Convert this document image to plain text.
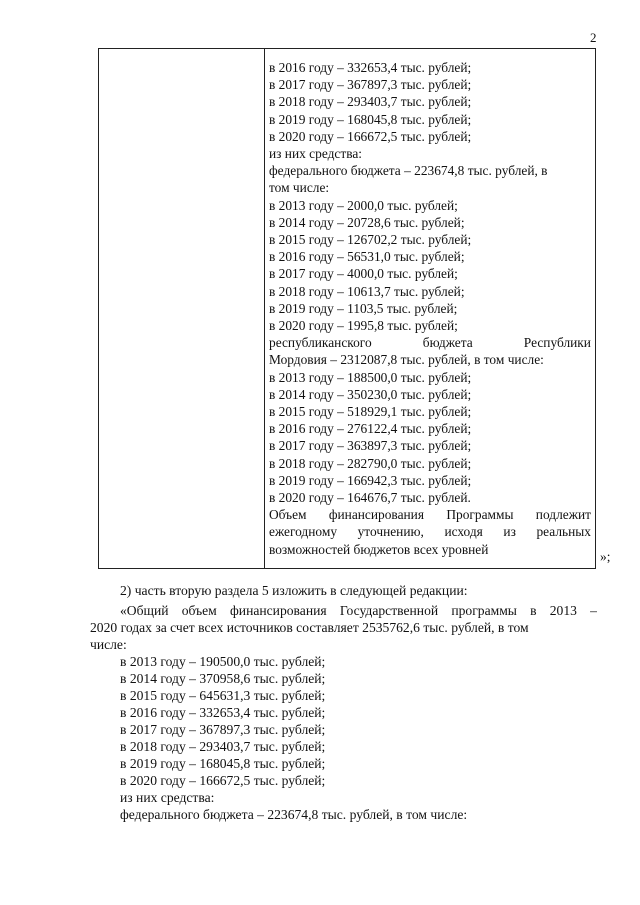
2
в 2016 году – 332653,4 тыс. рублей;
в 2017 году – 367897,3 тыс. рублей;
в 2018 году – 293403,7 тыс. рублей;
в 2019 году – 168045,8 тыс. рублей;
в 2020 году – 166672,5 тыс. рублей;
из них средства:
федерального бюджета – 223674,8 тыс. рублей, в
том числе:
в 2013 году – 2000,0 тыс. рублей;
в 2014 году – 20728,6 тыс. рублей;
в 2015 году – 126702,2 тыс. рублей;
в 2016 году – 56531,0 тыс. рублей;
в 2017 году – 4000,0 тыс. рублей;
в 2018 году – 10613,7 тыс. рублей;
в 2019 году – 1103,5 тыс. рублей;
в 2020 году – 1995,8 тыс. рублей;
республиканского	бюджета	Республики
Мордовия – 2312087,8 тыс. рублей, в том числе:
в 2013 году – 188500,0 тыс. рублей;
в 2014 году – 350230,0 тыс. рублей;
в 2015 году – 518929,1 тыс. рублей;
в 2016 году – 276122,4 тыс. рублей;
в 2017 году – 363897,3 тыс. рублей;
в 2018 году – 282790,0 тыс. рублей;
в 2019 году – 166942,3 тыс. рублей;
в 2020 году – 164676,7 тыс. рублей.
Объем финансирования Программы подлежит
ежегодному уточнению, исходя из реальных
возможностей бюджетов всех уровней	»;

2) часть вторую раздела 5 изложить в следующей редакции:

«Общий объем финансирования Государственной программы в 2013 –
2020 годах за счет всех источников составляет 2535762,6 тыс. рублей, в том
числе:
в 2013 году – 190500,0 тыс. рублей;
в 2014 году – 370958,6 тыс. рублей;
в 2015 году – 645631,3 тыс. рублей;
в 2016 году – 332653,4 тыс. рублей;
в 2017 году – 367897,3 тыс. рублей;
в 2018 году – 293403,7 тыс. рублей;
в 2019 году – 168045,8 тыс. рублей;
в 2020 году – 166672,5 тыс. рублей;
из них средства:
федерального бюджета – 223674,8 тыс. рублей, в том числе:
